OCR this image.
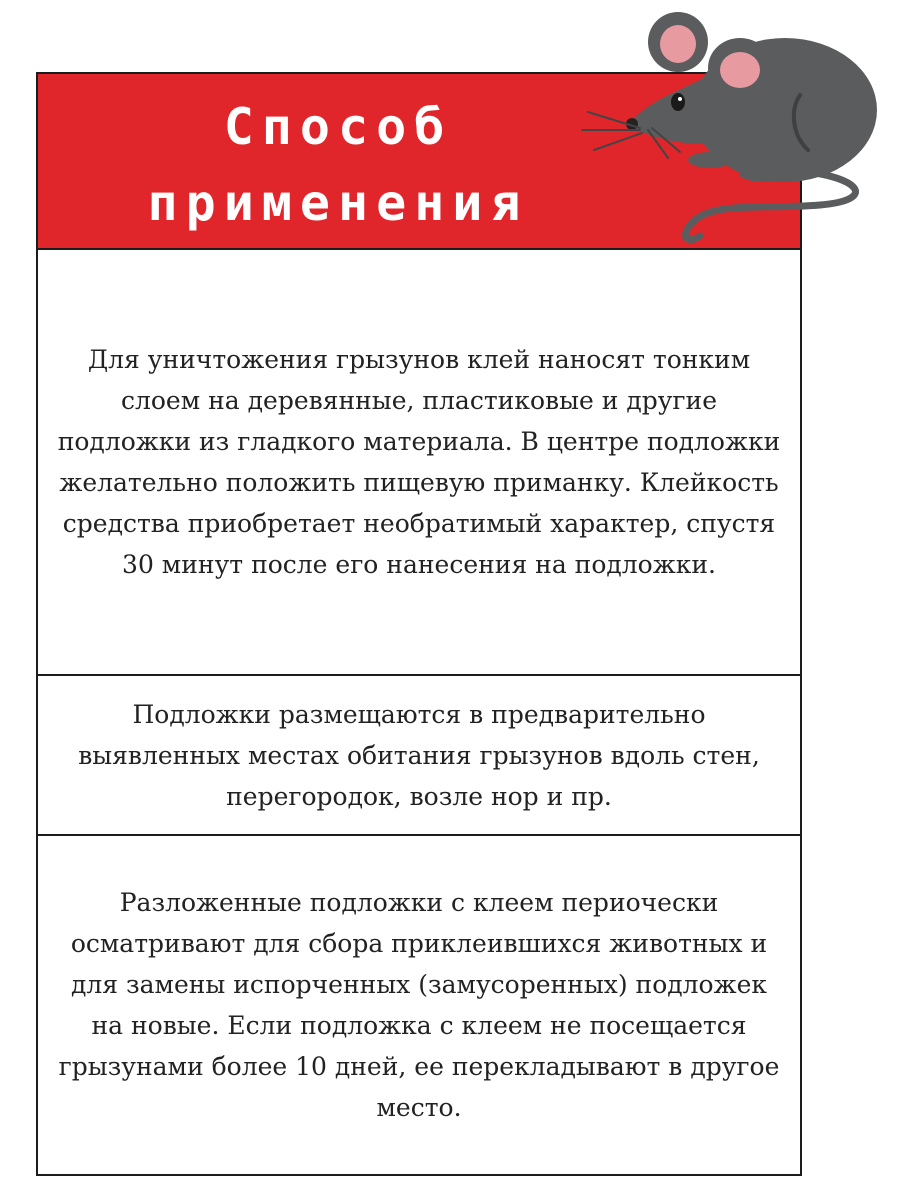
Способ
применения

Для уничтожения грызунов клей наносят тонким слоем на деревянные, пластиковые и другие подложки из гладкого материала. В центре подложки желательно положить пищевую приманку. Клейкость средства приобретает необратимый характер, спустя 30 минут после его нанесения на подложки.

Подложки размещаются в предварительно выявленных местах обитания грызунов вдоль стен, перегородок, возле нор и пр.

Разложенные подложки с клеем периочески осматривают для сбора приклеившихся животных и для замены испорченных (замусоренных) подложек на новые. Если подложка с клеем не посещается грызунами более 10 дней, ее перекладывают в другое место.
